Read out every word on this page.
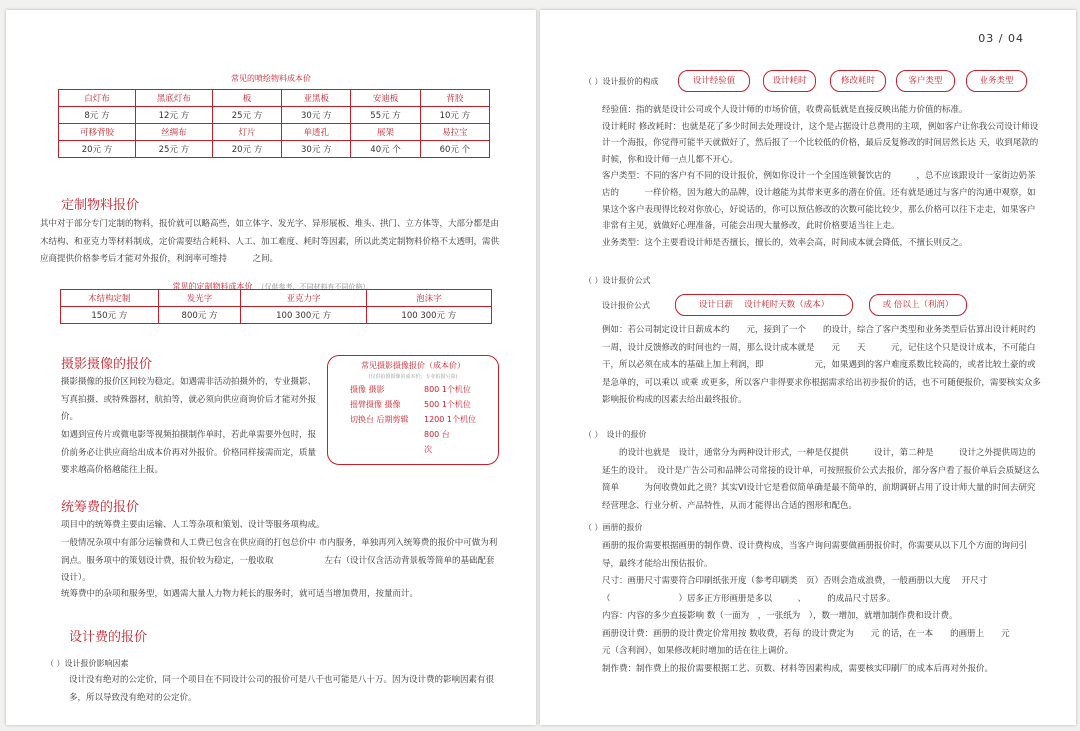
常见的喷绘物料成本价
白灯布	黑底灯布	板	亚黑板	安迪板	背胶
8元 方	12元 方	25元 方	30元 方	55元 方	10元 方
可移背胶	丝绸布	灯片	单透孔	展架	易拉宝
20元 方	25元 方	20元 方	30元 方	40元 个	60元 个
定制物料报价
其中对于部分专门定制的物料，报价就可以略高些，如立体字、发光字、异形展板、堆头、拱门、立方体等，大部分都是由木结构、和亚克力等材料制成，定价需要结合耗料、人工、加工难度、耗时等因素，所以此类定制物料价格不太透明，需供应商提供价格参考后才能对外报价，利润率可维持　　　之间。
常见的定制物料成本价 （仅供参考，不同材料有不同价格）
木结构定制	发光字	亚克力字	泡沫字
150元 方	800元 方	100 300元 方	100 300元 方
摄影摄像的报价
摄影摄像的报价区间较为稳定。如遇需非活动拍摄外的，专业摄影、写真拍摄、或特殊器材，航拍等，就必须向供应商询价后才能对外报价。
如遇到宣传片或微电影等视频拍摄制作单时，若此单需要外包时，报价前务必让供应商给出成本价再对外报价。价格同样接需而定，质量要求越高价格越能往上报。
常见摄影摄像报价（成本价）
(仅供拍摄摄像的成本价，专业拍摄另算)
摄像 摄影	800 1个机位
摇臂摄像 摄像	500 1个机位
切换台 后期剪辑 1200 1个机位
800 台
次
统筹费的报价
项目中的统筹费主要由运输、人工等杂项和策划、设计等服务项构成。
一般情况杂项中有部分运输费和人工费已包含在供应商的打包总价中 市内服务，单独再列入统筹费的报价中可做为利润点。服务项中的策划设计费，报价较为稳定，一般收取　　　　　　左右（设计仅含活动背景板等简单的基础配套设计）。
统筹费中的杂项和服务型，如遇需大量人力物力耗长的服务时，就可适当增加费用，按量而计。
设计费的报价
（ ）设计报价影响因素
设计没有绝对的公定价，同一个项目在不同设计公司的报价可是八千也可能是八十万。因为设计费的影响因素有很多，所以导致没有绝对的公定价。
03 / 04
（ ）设计报价的构成	设计经验值	设计耗时	修改耗时	客户类型	业务类型
经验值：指的就是设计公司或个人设计师的市场价值，收费高低就是直接反映出能力价值的标准。
设计耗时 修改耗时：也就是花了多少时间去处理设计，这个是占据设计总费用的主项，例如客户让你我公司设计师设计一个海报，你觉得可能半天就做好了，然后报了一个比较低的价格，最后反复修改的时间居然长达 天，收到尾款的时候，你和设计师一点儿都不开心。
客户类型：不同的客户有不同的设计报价，例如你设计一个全国连锁餐饮店的　　　，总不应该跟设计一家街边奶茶店的　　　一样价格，因为越大的品牌，设计越能为其带来更多的潜在价值。还有就是通过与客户的沟通中观察，如果这个客户表现得比较对你放心，好说话的，你可以预估修改的次数可能比较少，那么价格可以往下走走，如果客户非常有主见，就做好心理准备，可能会出现大量修改，此时价格要适当往上走。
业务类型：这个主要看设计师是否擅长，擅长的，效率会高，时间成本就会降低，不擅长则反之。
（ ）设计报价公式
设计报价公式	设计日薪　 设计耗时天数（成本）	或 倍以上（利润）
例如：若公司制定设计日薪成本约　　元，接到了一个　　的设计，综合了客户类型和业务类型后估算出设计耗时约一周，设计反馈修改的时间也约一周，那么设计成本就是　　元　　天　　　元，记住这个只是设计成本，不可能白干，所以必须在成本的基础上加上利润，即　　　　　　元，如果遇到的客户难度系数比较高的，或者比较土豪的或是急单的，可以乘以 或乘 或更多，所以客户非得要求你根据需求给出初步报价的话，也不可随便报价，需要核实众多影响报价构成的因素去给出最终报价。
（ ）　设计的报价
　　的设计也就是　设计，通常分为两种设计形式，一种是仅提供　　　设计，第二种是　　　设计之外提供周边的延生的设计。　设计是广告公司和品牌公司常接的设计单，可按照报价公式去报价，部分客户看了报价单后会质疑这么简单　　　为何收费如此之贵？其实VI设计它是看似简单确是最不简单的，前期调研占用了设计师大量的时间去研究经营理念、行业分析、产品特性，从而才能得出合适的图形和配色。
（ ）画册的报价
画册的报价需要根据画册的制作费、设计费构成，当客户询问需要做画册报价时，你需要从以下几个方面的询问引导，最终才能给出预估报价。
尺寸：画册尺寸需要符合印刷纸张开度（参考印刷类　页）否则会造成浪费，一般画册以大度　 开尺寸（　　　　　　　　）居多正方形画册是多以　　　、　　　的成品尺寸居多。
内容：内容的多少直接影响 数（一面为　，一张纸为　），数一增加，就增加制作费和设计费。
画册设计费：画册的设计费定价常用按 数收费，若每 的设计费定为　　元 的话，在一本　　的画册上　　元　　　　元（含利润），如果修改耗时增加的话在往上调价。
制作费：制作费上的报价需要根据工艺、页数、材料等因素构成，需要核实印刷厂的成本后再对外报价。
